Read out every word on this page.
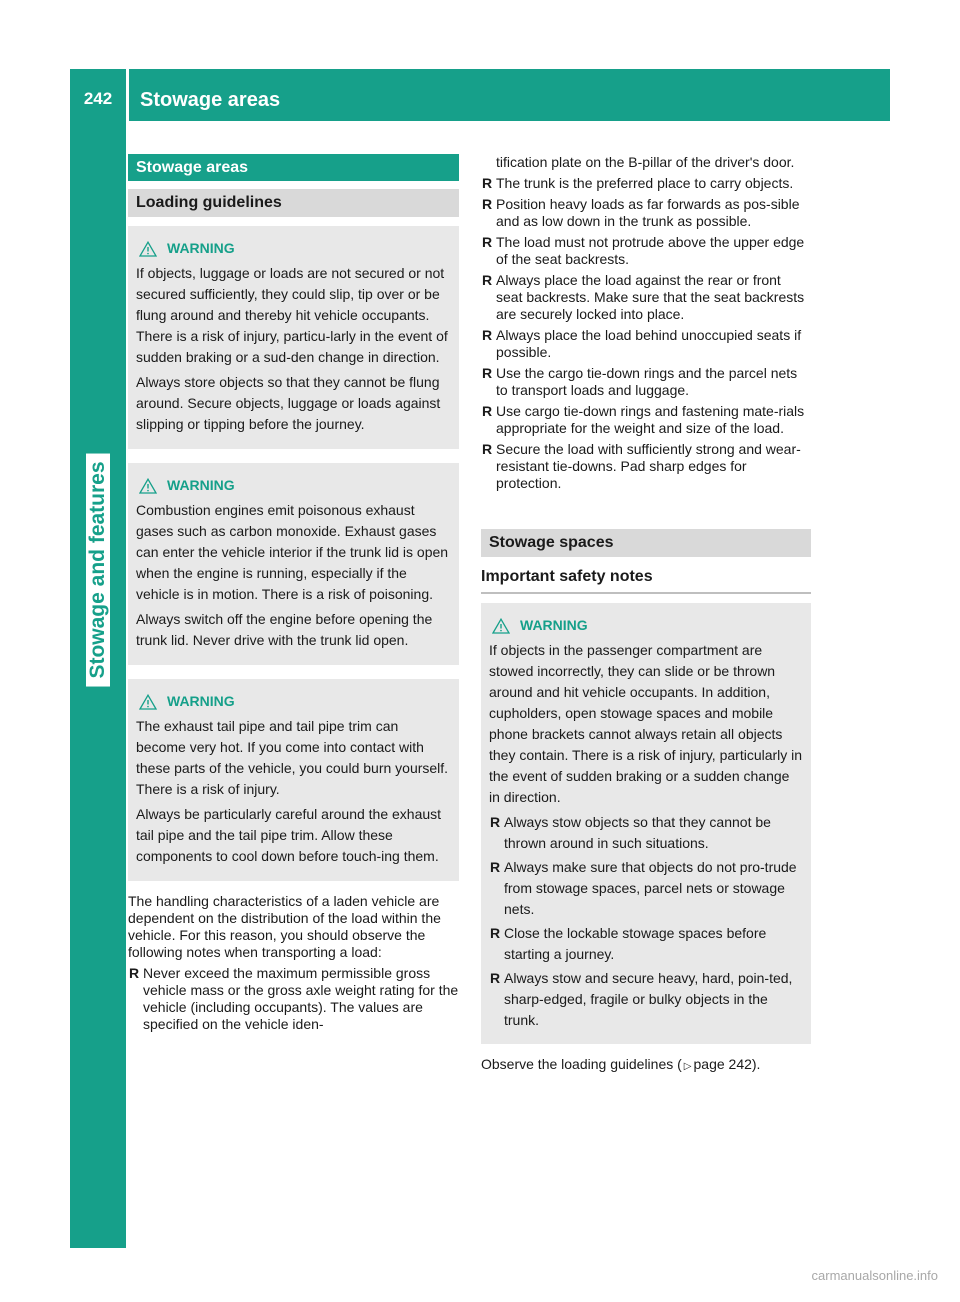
242	Stowage areas
Stowage and features
Stowage areas
Loading guidelines
WARNING

If objects, luggage or loads are not secured or not secured sufficiently, they could slip, tip over or be flung around and thereby hit vehicle occupants. There is a risk of injury, particu-larly in the event of sudden braking or a sud-den change in direction.

Always store objects so that they cannot be flung around. Secure objects, luggage or loads against slipping or tipping before the journey.

WARNING

Combustion engines emit poisonous exhaust gases such as carbon monoxide. Exhaust gases can enter the vehicle interior if the trunk lid is open when the engine is running, especially if the vehicle is in motion. There is a risk of poisoning.

Always switch off the engine before opening the trunk lid. Never drive with the trunk lid open.

WARNING

The exhaust tail pipe and tail pipe trim can become very hot. If you come into contact with these parts of the vehicle, you could burn yourself. There is a risk of injury.

Always be particularly careful around the exhaust tail pipe and the tail pipe trim. Allow these components to cool down before touch-ing them.

The handling characteristics of a laden vehicle are dependent on the distribution of the load within the vehicle. For this reason, you should observe the following notes when transporting a load:

R Never exceed the maximum permissible gross vehicle mass or the gross axle weight rating for the vehicle (including occupants). The values are specified on the vehicle iden-

tification plate on the B-pillar of the driver's door.

R The trunk is the preferred place to carry objects.
R Position heavy loads as far forwards as pos-sible and as low down in the trunk as possible.
R The load must not protrude above the upper edge of the seat backrests.
R Always place the load against the rear or front seat backrests. Make sure that the seat backrests are securely locked into place.
R Always place the load behind unoccupied seats if possible.
R Use the cargo tie-down rings and the parcel nets to transport loads and luggage.
R Use cargo tie-down rings and fastening mate-rials appropriate for the weight and size of the load.
R Secure the load with sufficiently strong and wear-resistant tie-downs. Pad sharp edges for protection.
Stowage spaces
Important safety notes
WARNING

If objects in the passenger compartment are stowed incorrectly, they can slide or be thrown around and hit vehicle occupants. In addition, cupholders, open stowage spaces and mobile phone brackets cannot always retain all objects they contain. There is a risk of injury, particularly in the event of sudden braking or a sudden change in direction.

R Always stow objects so that they cannot be thrown around in such situations.
R Always make sure that objects do not pro-trude from stowage spaces, parcel nets or stowage nets.
R Close the lockable stowage spaces before starting a journey.
R Always stow and secure heavy, hard, poin-ted, sharp-edged, fragile or bulky objects in the trunk.

Observe the loading guidelines ( ▷ page 242).

carmanualsonline.info
